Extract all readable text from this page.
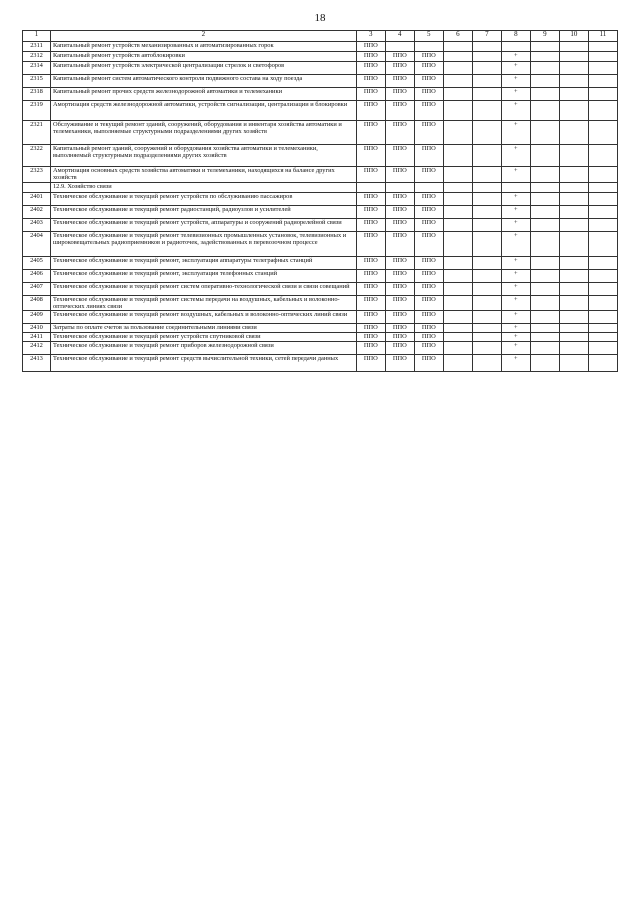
18
1	2	3	4	5	6	7	8	9	10	11
2311	Капитальный ремонт устройств механизированных и автоматизированных горок	ППО								
2312	Капитальный ремонт устройств автоблокировки	ППО	ППО	ППО			+			
2314	Капитальный ремонт устройств электрической централизации стрелок и светофоров	ППО	ППО	ППО			+			
2315	Капитальный ремонт систем автоматического контроля подвижного состава на ходу поезда	ППО	ППО	ППО			+			
2318	Капитальный ремонт прочих средств железнодорожной автоматики и телемеханики	ППО	ППО	ППО			+			
2319	Амортизация средств железнодорожной автоматики, устройств сигнализации, централизации и блокировки	ППО	ППО	ППО			+			
2321	Обслуживание и текущий ремонт зданий, сооружений, оборудования и инвентаря хозяйства автоматики и телемеханики, выполняемые структурными подразделениями других хозяйств	ППО	ППО	ППО			+			
2322	Капитальный ремонт зданий, сооружений и оборудования хозяйства автоматики и телемеханики, выполняемый структурными подразделениями других хозяйств	ППО	ППО	ППО			+			
2323	Амортизация основных средств хозяйства автоматики и телемеханики, находящихся на балансе других хозяйств	ППО	ППО	ППО			+			
	12.9. Хозяйство связи									
2401	Техническое обслуживание и текущий ремонт устройств по обслуживанию пассажиров	ППО	ППО	ППО			+			
2402	Техническое обслуживание и текущий ремонт радиостанций, радиоузлов и усилителей	ППО	ППО	ППО			+			
2403	Техническое обслуживание и текущий ремонт устройств, аппаратуры и сооружений радиорелейной связи	ППО	ППО	ППО			+			
2404	Техническое обслуживание и текущий ремонт телевизионных промышленных установок, телевизионных и широковещательных радиоприемников и радиоточек, задействованных в перевозочном процессе	ППО	ППО	ППО			+			
2405	Техническое обслуживание и текущий ремонт, эксплуатация аппаратуры телеграфных станций	ППО	ППО	ППО			+			
2406	Техническое обслуживание и текущий ремонт, эксплуатация телефонных станций	ППО	ППО	ППО			+			
2407	Техническое обслуживание и текущий ремонт систем оперативно-технологической связи и связи совещаний	ППО	ППО	ППО			+			
2408	Техническое обслуживание и текущий ремонт системы передачи на воздушных, кабельных и волоконно-оптических линиях связи	ППО	ППО	ППО			+			
2409	Техническое обслуживание и текущий ремонт воздушных, кабельных и волоконно-оптических линий связи	ППО	ППО	ППО			+			
2410	Затраты по оплате счетов за пользование соединительными линиями связи	ППО	ППО	ППО			+			
2411	Техническое обслуживание и текущий ремонт устройств спутниковой связи	ППО	ППО	ППО			+			
2412	Техническое обслуживание и текущий ремонт приборов железнодорожной связи	ППО	ППО	ППО			+			
2413	Техническое обслуживание и текущий ремонт средств вычислительной техники, сетей передачи данных	ППО	ППО	ППО			+			
